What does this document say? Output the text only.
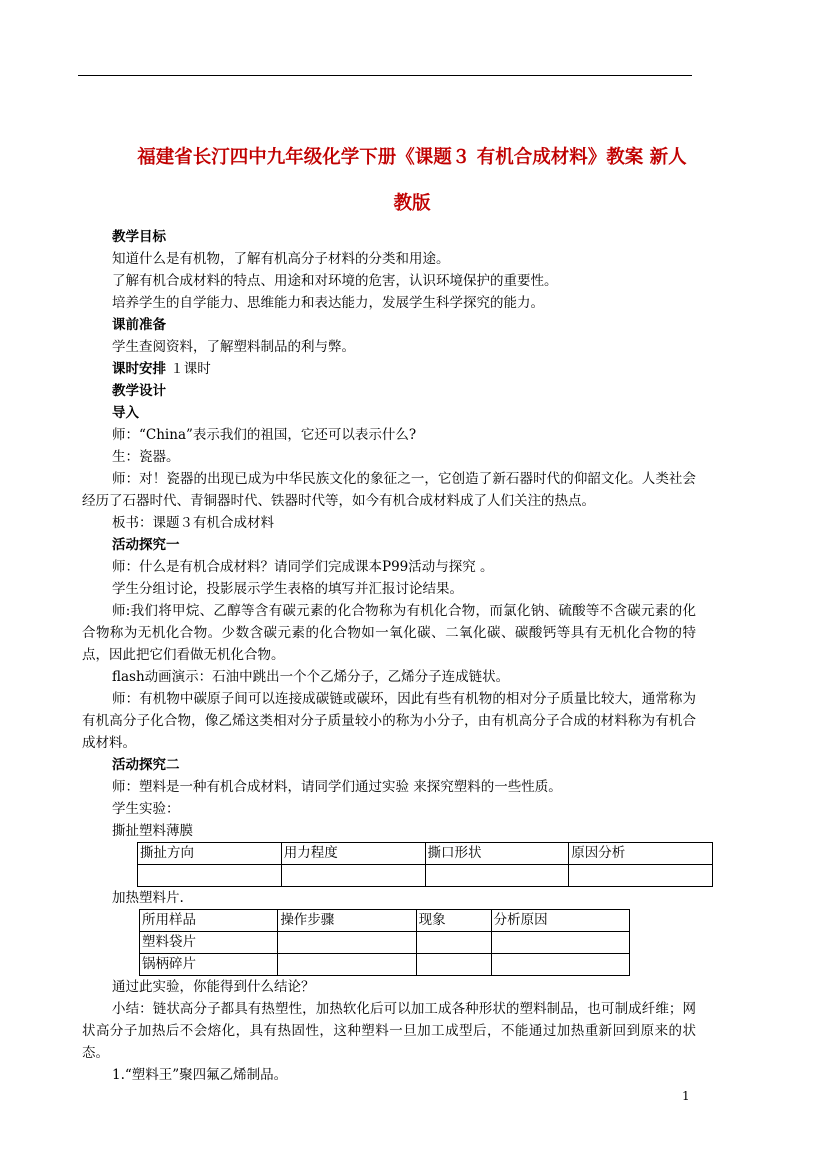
福建省长汀四中九年级化学下册《课题３ 有机合成材料》教案 新人
教版
教学目标
知道什么是有机物，了解有机高分子材料的分类和用途。
了解有机合成材料的特点、用途和对环境的危害，认识环境保护的重要性。
培养学生的自学能力、思维能力和表达能力，发展学生科学探究的能力。
课前准备
学生查阅资料，了解塑料制品的利与弊。
课时安排 １课时
教学设计
导入
师：“China”表示我们的祖国，它还可以表示什么?
生：瓷器。
师：对！瓷器的出现已成为中华民族文化的象征之一，它创造了新石器时代的仰韶文化。人类社会经历了石器时代、青铜器时代、铁器时代等，如今有机合成材料成了人们关注的热点。
板书：课题３有机合成材料
活动探究一
师：什么是有机合成材料？请同学们完成课本P99活动与探究 。
学生分组讨论，投影展示学生表格的填写并汇报讨论结果。
师:我们将甲烷、乙醇等含有碳元素的化合物称为有机化合物，而氯化钠、硫酸等不含碳元素的化合物称为无机化合物。少数含碳元素的化合物如一氧化碳、二氧化碳、碳酸钙等具有无机化合物的特点，因此把它们看做无机化合物。
flash动画演示：石油中跳出一个个乙烯分子，乙烯分子连成链状。
师：有机物中碳原子间可以连接成碳链或碳环，因此有些有机物的相对分子质量比较大，通常称为有机高分子化合物，像乙烯这类相对分子质量较小的称为小分子，由有机高分子合成的材料称为有机合成材料。
活动探究二
师：塑料是一种有机合成材料，请同学们通过实验 来探究塑料的一些性质。
学生实验：
撕扯塑料薄膜
撕扯方向	用力程度	撕口形状	原因分析

加热塑料片.
所用样品	操作步骤	现象	分析原因
塑料袋片			
锅柄碎片			
通过此实验，你能得到什么结论？
小结：链状高分子都具有热塑性，加热软化后可以加工成各种形状的塑料制品，也可制成纤维；网状高分子加热后不会熔化，具有热固性，这种塑料一旦加工成型后，不能通过加热重新回到原来的状态。
1.“塑料王”聚四氟乙烯制品。
1
